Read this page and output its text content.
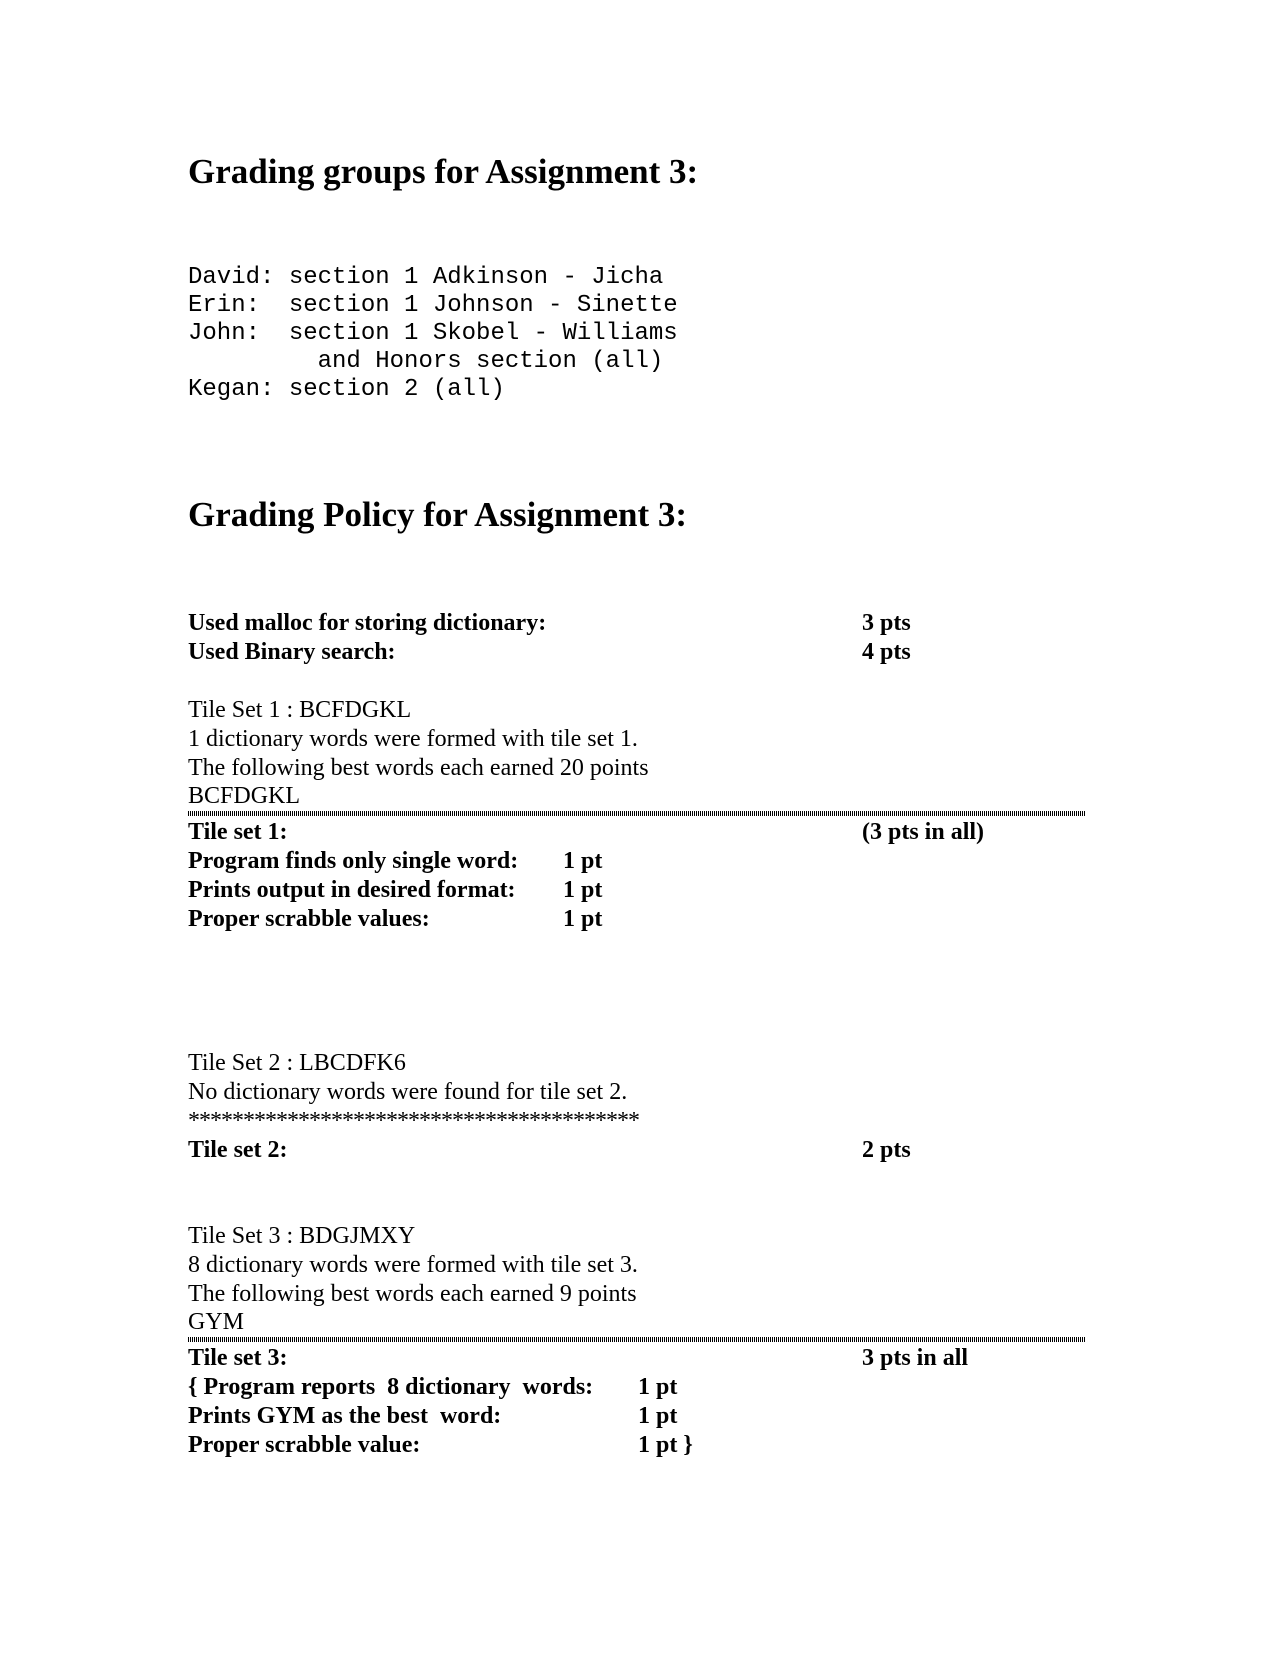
Grading groups for Assignment 3:
David: section 1 Adkinson - Jicha
Erin:  section 1 Johnson - Sinette
John:  section 1 Skobel - Williams
and Honors section (all)
Kegan: section 2 (all)
Grading Policy for Assignment 3:
Used malloc for storing dictionary:	3 pts
Used Binary search:	4 pts
Tile Set 1 : BCFDGKL
1 dictionary words were formed with tile set 1.
The following best words each earned 20 points
BCFDGKL
Tile set 1:	(3 pts in all)
Program finds only single word: 1 pt
Prints output in desired format: 1 pt
Proper scrabble values:	1 pt
Tile Set 2 : LBCDFK6
No dictionary words were found for tile set 2.
*****************************************
Tile set 2:	2 pts
Tile Set 3 : BDGJMXY
8 dictionary words were formed with tile set 3.
The following best words each earned 9 points
GYM
Tile set 3:	3 pts in all
{ Program reports  8 dictionary  words: 1 pt
Prints GYM as the best  word:	1 pt
Proper scrabble value:	1 pt }
